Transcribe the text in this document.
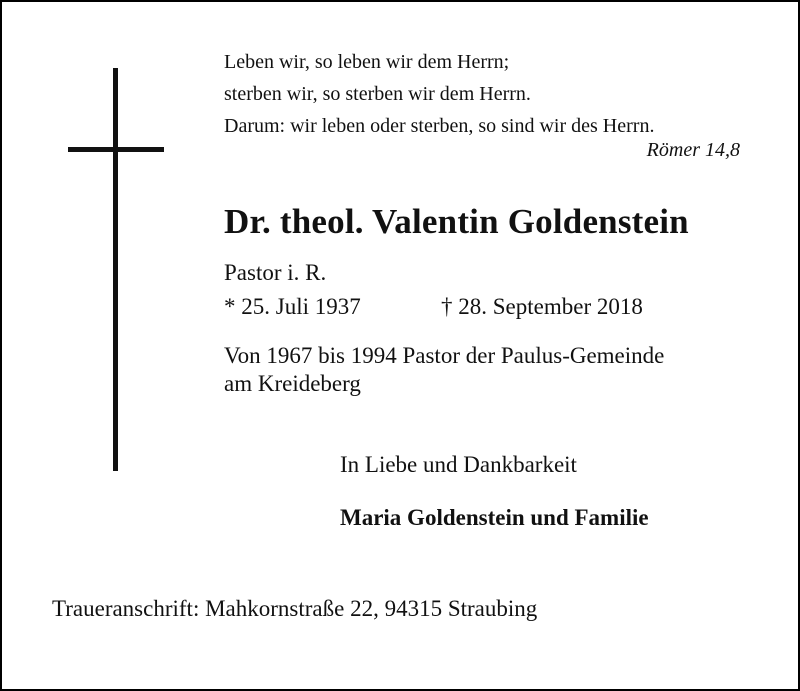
Leben wir, so leben wir dem Herrn;
sterben wir, so sterben wir dem Herrn.
Darum: wir leben oder sterben, so sind wir des Herrn.
Römer 14,8
Dr. theol. Valentin Goldenstein
Pastor i. R.
* 25. Juli 1937	† 28. September 2018
Von 1967 bis 1994 Pastor der Paulus-Gemeinde
am Kreideberg
In Liebe und Dankbarkeit
Maria Goldenstein und Familie
Traueranschrift: Mahkornstraße 22, 94315 Straubing
